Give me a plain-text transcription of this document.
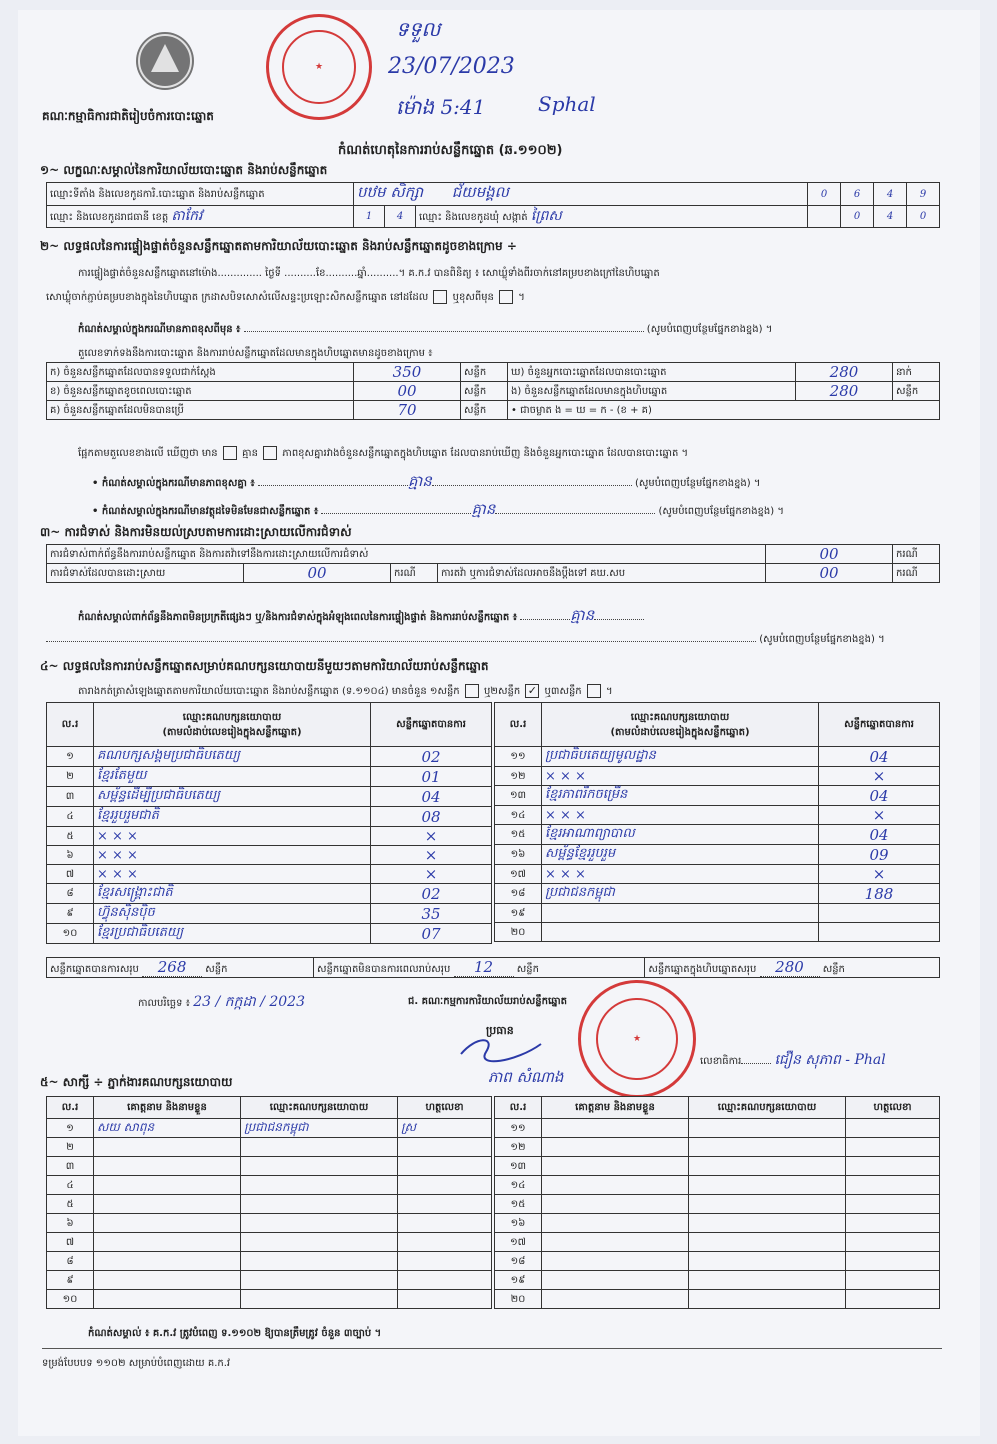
គណៈកម្មាធិការជាតិរៀបចំការបោះឆ្នោត
★
ទទួល
23/07/2023
ម៉ោង 5:41	Sphal
កំណត់ហេតុនៃការរាប់សន្លឹកឆ្នោត (ឆ.១១០២)
១~ លក្ខណៈសម្គាល់នៃការិយាល័យបោះឆ្នោត និងរាប់សន្លឹកឆ្នោត
ឈ្មោះទីតាំង និងលេខកូដការិ.បោះឆ្នោត និងរាប់សន្លឹកឆ្នោត	បឋម សិក្សា ជ័យមង្គល			0	6	4	9
ឈ្មោះ និងលេខកូដរាជធានី ខេត្ត តាកែវ	1	4	ឈ្មោះ និងលេខកូដឃុំ សង្កាត់ ព្រៃស		0	4	0
២~ លទ្ធផលនៃការផ្ទៀងផ្ទាត់ចំនួនសន្លឹកឆ្នោតតាមការិយាល័យបោះឆ្នោត និងរាប់សន្លឹកឆ្នោតដូចខាងក្រោម ÷
ការផ្ទៀងផ្ទាត់ចំនួនសន្លឹកឆ្នោតនៅម៉ោង.............. ថ្ងៃទី ..........ខែ..........ឆ្នាំ..........។ គ.ក.វ បានពិនិត្យ ៖ សោឃ្លុំទាំងពីរចាក់នៅគម្របខាងក្រៅនៃហិបឆ្នោត
សោឃ្លុំចាក់ភ្ជាប់គម្របខាងក្នុងនៃហិបឆ្នោត ក្រដាសបិទសោសំលើសន្ទះប្រឡោះសិកសន្លឹកឆ្នោត នៅដដែល ឬខុសពីមុន  ។
កំណត់សម្គាល់ក្នុងករណីមានភាពខុសពីមុន ៖	(សូមបំពេញបន្ថែមផ្នែកខាងខ្នង) ។
តួលេខទាក់ទងនឹងការបោះឆ្នោត និងការរាប់សន្លឹកឆ្នោតដែលមានក្នុងហិបឆ្នោតមានដូចខាងក្រោម ៖
ក) ចំនួនសន្លឹកឆ្នោតដែលបានទទួលជាក់ស្តែង	350	សន្លឹក	ឃ) ចំនួនអ្នកបោះឆ្នោតដែលបានបោះឆ្នោត	280	នាក់
ខ) ចំនួនសន្លឹកឆ្នោតខូចពេលបោះឆ្នោត	00	សន្លឹក	ង) ចំនួនសន្លឹកឆ្នោតដែលមានក្នុងហិបឆ្នោត	280	សន្លឹក
គ) ចំនួនសន្លឹកឆ្នោតដែលមិនបានប្រើ	70	សន្លឹក	• ជាចម្លាត ង = ឃ = ក - (ខ + គ)		
ផ្អែកតាមតួលេខខាងលើ ឃើញថា មាន គ្មាន ភាពខុសគ្នារវាងចំនួនសន្លឹកឆ្នោតក្នុងហិបឆ្នោត ដែលបានរាប់ឃើញ និងចំនួនអ្នកបោះឆ្នោត ដែលបានបោះឆ្នោត ។
• កំណត់សម្គាល់ក្នុងករណីមានភាពខុសគ្នា ៖	គ្មាន	(សូមបំពេញបន្ថែមផ្នែកខាងខ្នង) ។
• កំណត់សម្គាល់ក្នុងករណីមានវត្ថុដទៃមិនមែនជាសន្លឹកឆ្នោត ៖	គ្មាន	(សូមបំពេញបន្ថែមផ្នែកខាងខ្នង) ។
៣~ ការជំទាស់ និងការមិនយល់ស្របតាមការដោះស្រាយលើការជំទាស់
ការជំទាស់ពាក់ព័ន្ធនឹងការរាប់សន្លឹកឆ្នោត និងការតវ៉ាទៅនឹងការដោះស្រាយលើការជំទាស់				00	ករណី
ការជំទាស់ដែលបានដោះស្រាយ	00	ករណី	ការតវ៉ា ឬការជំទាស់ដែលអាចនឹងប្តឹងទៅ គឃ.សប	00	ករណី
កំណត់សម្គាល់ពាក់ព័ន្ធនឹងភាពមិនប្រក្រតីផ្សេងៗ ឬ/និងការជំទាស់ក្នុងអំឡុងពេលនៃការផ្ទៀងផ្ទាត់ និងការរាប់សន្លឹកឆ្នោត ៖	គ្មាន
(សូមបំពេញបន្ថែមផ្នែកខាងខ្នង) ។
៤~ លទ្ធផលនៃការរាប់សន្លឹកឆ្នោតសម្រាប់គណបក្សនយោបាយនីមួយៗតាមការិយាល័យរាប់សន្លឹកឆ្នោត
តារាងកត់ត្រាសំឡេងឆ្នោតតាមការិយាល័យបោះឆ្នោត និងរាប់សន្លឹកឆ្នោត (ទ.១១០៤) មានចំនួន ១សន្លឹក ឬ២សន្លឹក ✓ ឬ៣សន្លឹក  ។
ល.រ	ឈ្មោះគណបក្សនយោបាយ
(តាមលំដាប់លេខរៀងក្នុងសន្លឹកឆ្នោត)	សន្លឹកឆ្នោតបានការ
១	គណបក្សសង្គមប្រជាធិបតេយ្យ	02
២	ខ្មែរតែមួយ	01
៣	សម្ព័ន្ធដើម្បីប្រជាធិបតេយ្យ	04
៤	ខ្មែររួបរួមជាតិ	08
៥	× × ×	×
៦	× × ×	×
៧	× × ×	×
៨	ខ្មែរសង្គ្រោះជាតិ	02
៩	ហ៊្វុនស៊ិនប៉ិច	35
១០	ខ្មែរប្រជាធិបតេយ្យ	07
ល.រ	ឈ្មោះគណបក្សនយោបាយ
(តាមលំដាប់លេខរៀងក្នុងសន្លឹកឆ្នោត)	សន្លឹកឆ្នោតបានការ
១១	ប្រជាធិបតេយ្យមូលដ្ឋាន	04
១២	× × ×	×
១៣	ខ្មែរភាពរីកចម្រើន	04
១៤	× × ×	×
១៥	ខ្មែរអាណាព្យាបាល	04
១៦	សម្ព័ន្ធខ្មែររួបរួម	09
១៧	× × ×	×
១៨	ប្រជាជនកម្ពុជា	188
១៩		
២០		
សន្លឹកឆ្នោតបានការសរុប 268 សន្លឹក	សន្លឹកឆ្នោតមិនបានការពេលរាប់សរុប 12 សន្លឹក	សន្លឹកឆ្នោតក្នុងហិបឆ្នោតសរុប 280 សន្លឹក
កាលបរិច្ឆេទ ៖ 23 / កក្កដា / 2023	ជ. គណៈកម្មការការិយាល័យរាប់សន្លឹកឆ្នោត
★
ប្រធាន
ភាព សំណាង
លេខាធិការ ជឿន សុភាព - Phal
៥~ សាក្សី ÷ ភ្នាក់ងារគណបក្សនយោបាយ
ល.រ	គោត្តនាម និងនាមខ្លួន	ឈ្មោះគណបក្សនយោបាយ	ហត្ថលេខា
១	សយ សាពុន	ប្រជាជនកម្ពុជា	ស្រ
២			
៣			
៤			
៥			
៦			
៧			
៨			
៩			
១០			
ល.រ	គោត្តនាម និងនាមខ្លួន	ឈ្មោះគណបក្សនយោបាយ	ហត្ថលេខា
១១			
១២			
១៣			
១៤			
១៥			
១៦			
១៧			
១៨			
១៩			
២០			
កំណត់សម្គាល់ ៖ គ.ក.វ ត្រូវបំពេញ ទ.១១០២ ឱ្យបានត្រឹមត្រូវ ចំនួន ៣ច្បាប់ ។
ទម្រង់បែបបទ ១១០២ សម្រាប់បំពេញដោយ គ.ក.វ
